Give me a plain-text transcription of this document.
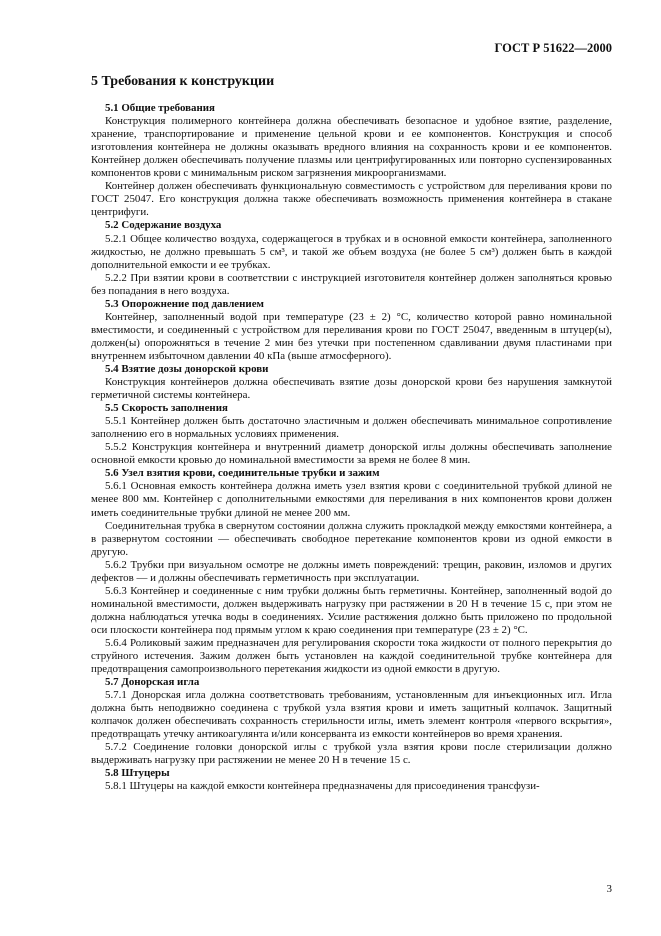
ГОСТ Р 51622—2000
5 Требования к конструкции
5.1 Общие требования
Конструкция полимерного контейнера должна обеспечивать безопасное и удобное взятие, разделение, хранение, транспортирование и применение цельной крови и ее компонентов. Конструкция и способ изготовления контейнера не должны оказывать вредного влияния на сохранность крови и ее компонентов. Контейнер должен обеспечивать получение плазмы или центрифугированных или повторно суспензированных компонентов крови с минимальным риском загрязнения микроорганизмами.
Контейнер должен обеспечивать функциональную совместимость с устройством для переливания крови по ГОСТ 25047. Его конструкция должна также обеспечивать возможность применения контейнера в стакане центрифуги.
5.2 Содержание воздуха
5.2.1 Общее количество воздуха, содержащегося в трубках и в основной емкости контейнера, заполненного жидкостью, не должно превышать 5 см³, и такой же объем воздуха (не более 5 см³) должен быть в каждой дополнительной емкости и ее трубках.
5.2.2 При взятии крови в соответствии с инструкцией изготовителя контейнер должен заполняться кровью без попадания в него воздуха.
5.3 Опорожнение под давлением
Контейнер, заполненный водой при температуре (23 ± 2) °С, количество которой равно номинальной вместимости, и соединенный с устройством для переливания крови по ГОСТ 25047, введенным в штуцер(ы), должен(ы) опорожняться в течение 2 мин без утечки при постепенном сдавливании двумя пластинами при внутреннем избыточном давлении 40 кПа (выше атмосферного).
5.4 Взятие дозы донорской крови
Конструкция контейнеров должна обеспечивать взятие дозы донорской крови без нарушения замкнутой герметичной системы контейнера.
5.5 Скорость заполнения
5.5.1 Контейнер должен быть достаточно эластичным и должен обеспечивать минимальное сопротивление заполнению его в нормальных условиях применения.
5.5.2 Конструкция контейнера и внутренний диаметр донорской иглы должны обеспечивать заполнение основной емкости кровью до номинальной вместимости за время не более 8 мин.
5.6 Узел взятия крови, соединительные трубки и зажим
5.6.1 Основная емкость контейнера должна иметь узел взятия крови с соединительной трубкой длиной не менее 800 мм. Контейнер с дополнительными емкостями для переливания в них компонентов крови должен иметь соединительные трубки длиной не менее 200 мм.
Соединительная трубка в свернутом состоянии должна служить прокладкой между емкостями контейнера, а в развернутом состоянии — обеспечивать свободное перетекание компонентов крови из одной емкости в другую.
5.6.2 Трубки при визуальном осмотре не должны иметь повреждений: трещин, раковин, изломов и других дефектов — и должны обеспечивать герметичность при эксплуатации.
5.6.3 Контейнер и соединенные с ним трубки должны быть герметичны. Контейнер, заполненный водой до номинальной вместимости, должен выдерживать нагрузку при растяжении в 20 Н в течение 15 с, при этом не должна наблюдаться утечка воды в соединениях. Усилие растяжения должно быть приложено по продольной оси плоскости контейнера под прямым углом к краю соединения при температуре (23 ± 2) °С.
5.6.4 Роликовый зажим предназначен для регулирования скорости тока жидкости от полного перекрытия до струйного истечения. Зажим должен быть установлен на каждой соединительной трубке контейнера для предотвращения самопроизвольного перетекания жидкости из одной емкости в другую.
5.7 Донорская игла
5.7.1 Донорская игла должна соответствовать требованиям, установленным для инъекционных игл. Игла должна быть неподвижно соединена с трубкой узла взятия крови и иметь защитный колпачок. Защитный колпачок должен обеспечивать сохранность стерильности иглы, иметь элемент контроля «первого вскрытия», предотвращать утечку антикоагулянта и/или консерванта из емкости контейнеров во время хранения.
5.7.2 Соединение головки донорской иглы с трубкой узла взятия крови после стерилизации должно выдерживать нагрузку при растяжении не менее 20 Н в течение 15 с.
5.8 Штуцеры
5.8.1 Штуцеры на каждой емкости контейнера предназначены для присоединения трансфузи-
3
